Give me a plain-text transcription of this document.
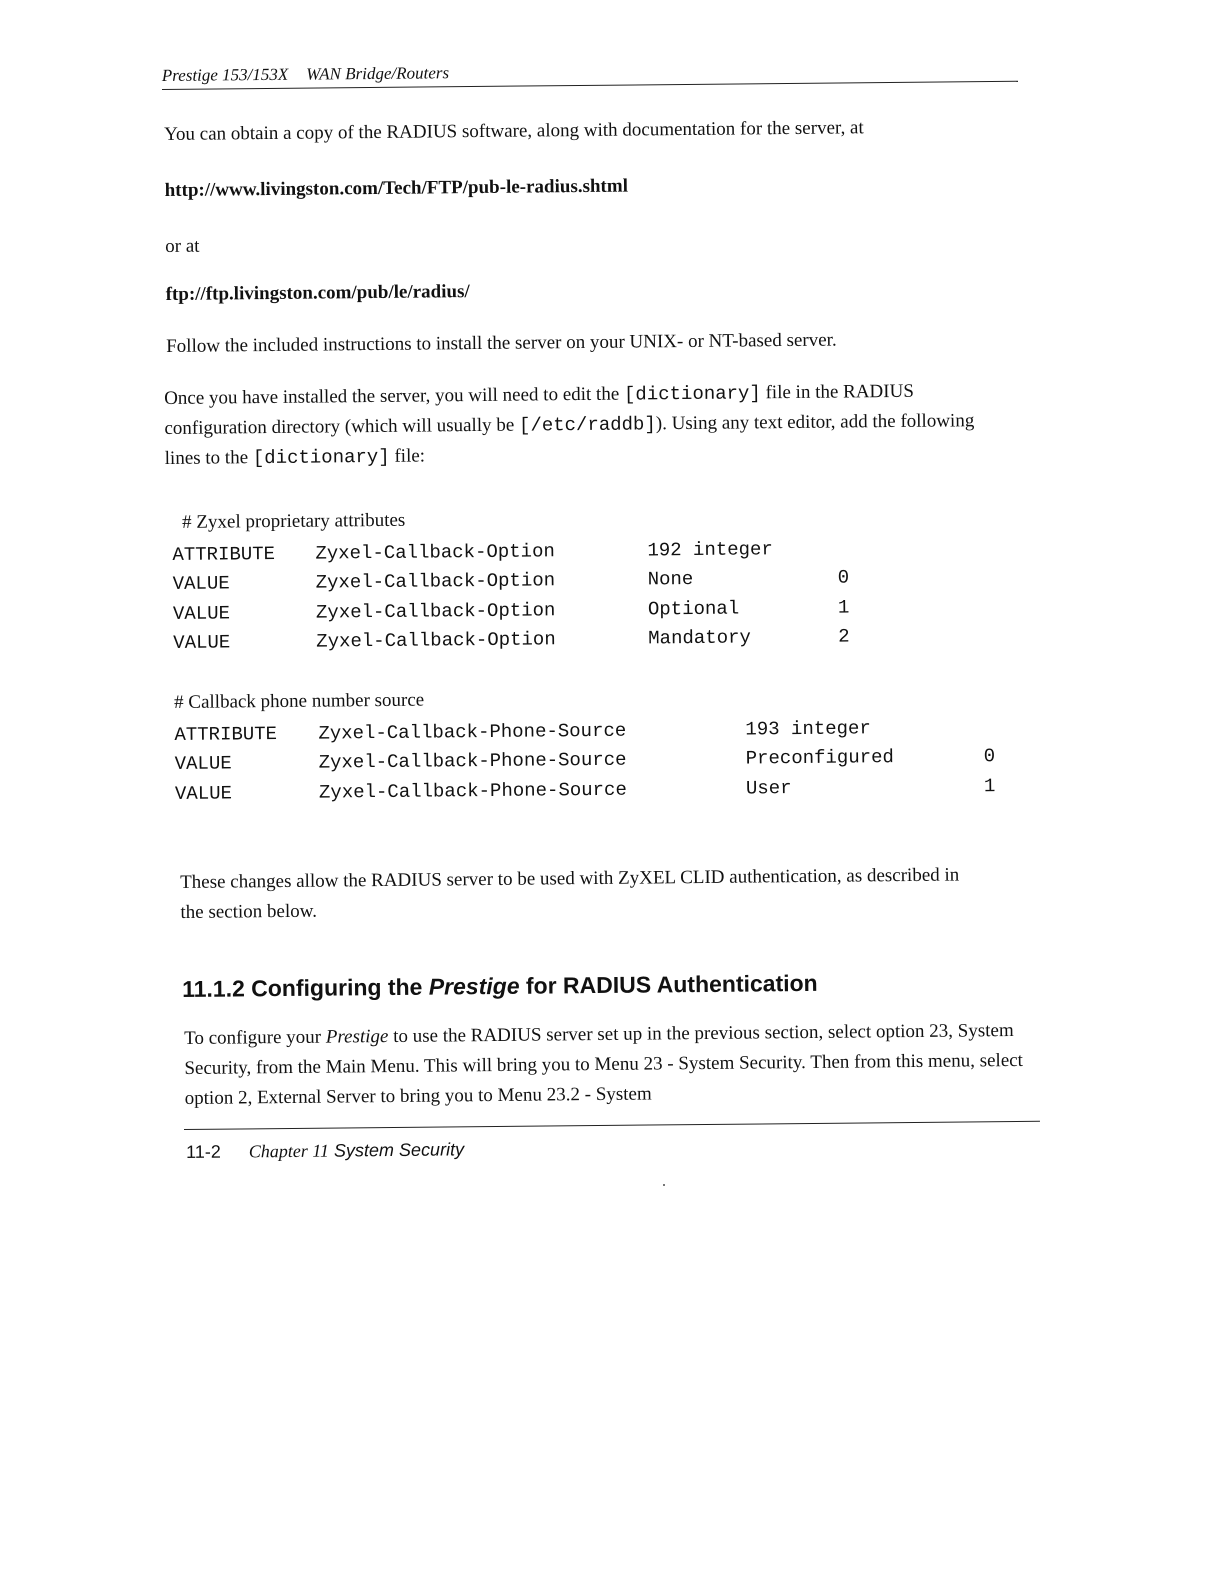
Prestige 153/153X WAN Bridge/Routers
You can obtain a copy of the RADIUS software, along with documentation for the server, at
http://www.livingston.com/Tech/FTP/pub-le-radius.shtml
or at
ftp://ftp.livingston.com/pub/le/radius/
Follow the included instructions to install the server on your UNIX- or NT-based server.
Once you have installed the server, you will need to edit the [dictionary] file in the RADIUS configuration directory (which will usually be [/etc/raddb]). Using any text editor, add the following lines to the [dictionary] file:
# Zyxel proprietary attributes
ATTRIBUTE	Zyxel-Callback-Option	192 integer	
VALUE	Zyxel-Callback-Option	None	0
VALUE	Zyxel-Callback-Option	Optional	1
VALUE	Zyxel-Callback-Option	Mandatory	2
# Callback phone number source
ATTRIBUTE	Zyxel-Callback-Phone-Source	193 integer	
VALUE	Zyxel-Callback-Phone-Source	Preconfigured	0
VALUE	Zyxel-Callback-Phone-Source	User	1
These changes allow the RADIUS server to be used with ZyXEL CLID authentication, as described in the section below.
11.1.2 Configuring the Prestige for RADIUS Authentication
To configure your Prestige to use the RADIUS server set up in the previous section, select option 23, System Security, from the Main Menu. This will bring you to Menu 23 - System Security. Then from this menu, select option 2, External Server to bring you to Menu 23.2 - System
11-2 Chapter 11 System Security
